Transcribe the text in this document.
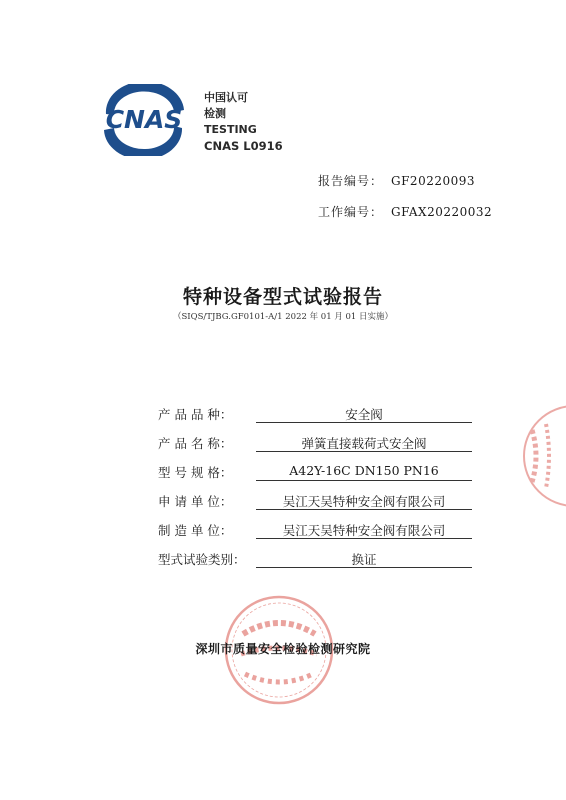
CNAS
中国认可
检测
TESTING
CNAS L0916
报告编号： GF20220093
工作编号： GFAX20220032
特种设备型式试验报告
（SIQS/TJBG.GF0101-A/1 2022 年 01 月 01 日实施）
产 品 品 种：	安全阀
产 品 名 称：	弹簧直接载荷式安全阀
型 号 规 格：	A42Y-16C DN150 PN16
申 请 单 位：	吴江天吴特种安全阀有限公司
制 造 单 位：	吴江天吴特种安全阀有限公司
型式试验类别：	换证
深圳市质量安全检验检测研究院
